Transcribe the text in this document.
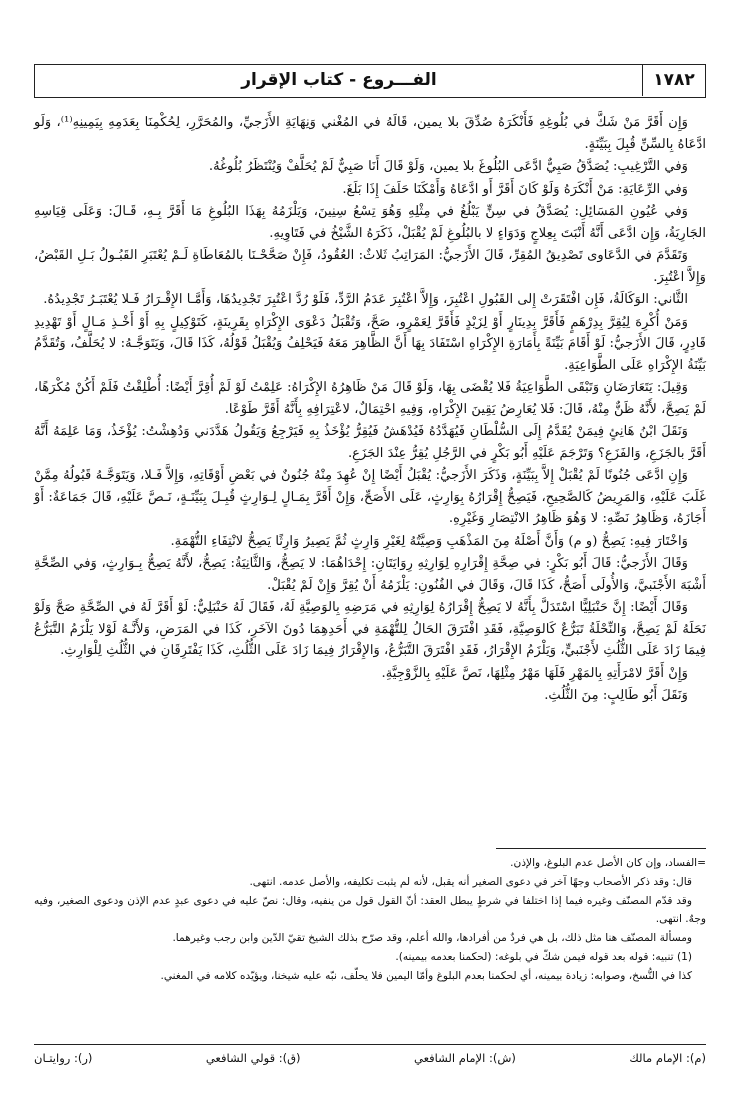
١٧٨٢
الفـــروع - كتاب الإقرار

وَإِن أَقَرَّ مَنْ شَكَّ في بُلُوغِهِ فَأَنْكَرَهُ صُدِّقَ بلا يمين، قَالَهُ في المُغْني وَنِهَايَةِ الأَزَجيِّ، والمُحَرَّرِ، لِحُكْمِنَا بِعَدَمِهِ بِيَمِينِهِ⁽¹⁾، وَلَو ادَّعَاهُ بِالسِّنِّ قُبِلَ بِبَيِّنَةٍ.

وَفي التَّرْغِيبِ: يُصَدَّقُ صَبِيٌّ ادَّعَى البُلُوغَ بلا يمين، وَلَوْ قَالَ أَنَا صَبِيٌّ لَمْ يُحَلَّفْ وَيُنْتَظَرُ بُلُوغُهُ.

وَفي الرِّعَايَةِ: مَنْ أَنْكَرَهُ وَلَوْ كَانَ أَقَرَّ أَو ادَّعَاهُ وَأَمْكَنَا حَلَفَ إِذَا بَلَغَ.

وَفي عُيُونِ المَسَائِلِ: يُصَدَّقُ في سِنٍّ يَبْلُغُ في مِثْلِهِ وَهُوَ تِسْعُ سِنِينَ، وَيَلْزَمُهُ بِهَذَا البُلُوغِ مَا أَقَرَّ بِـهِ، قَـالَ: وَعَلَى قِيَاسِهِ الجَارِيَةُ، وَإِن ادَّعَى أَنَّهُ أَنْبَتَ بِعِلاجٍ وَدَوَاءٍ لا بالبُلُوغِ لَمْ يُقْبَلْ، ذَكَرَهُ الشَّيْخُ في فَتَاوِيهِ.

وَتَقَدَّمَ في الدَّعَاوى تَصْدِيقُ المُقِرِّ، قَالَ الأَزَجيُّ: المَرَاتِبُ ثَلاثٌ: العُقُودُ، فَإِنْ صَحَّحْـنَا بالمُعَاطَاةِ لَـمْ يُعْتَبَرِ القَبُـولُ بَـلِ القَبْضُ، وَإِلاَّ اعْتُبِرَ.

الثَّاني: الوَكَالَةُ، فَإِن افْتَقَرَتْ إِلى القَبُولِ اعْتُبِرَ، وَإِلاَّ اعْتُبِرَ عَدَمُ الرَّدِّ، فَلَوْ رُدَّ اعْتُبِرَ تَجْدِيدُهَا، وَأَمَّـا الإِقْـرَارُ فَـلا يُعْتَبَـرُ تَجْدِيدُهُ.

وَمَنْ أُكْرِهَ لِيُقِرَّ بِدِرْهَمٍ فَأَقَرَّ بِدِينَارٍ أَوْ لِزَيْدٍ فَأَقَرَّ لِعَمْرٍو، صَحَّ، وَتُقْبَلُ دَعْوَى الإِكْرَاهِ بِقَرِينَةٍ، كَتَوْكِيلٍ بِهِ أَوْ أَخْـذِ مَـالٍ أَوْ تَهْدِيدِ قَادِرٍ، قَالَ الأَزَجيُّ: لَوْ أَقَامَ بَيِّنَةً بِأَمَارَةِ الإِكْرَاهِ اسْتَفَادَ بِهَا أَنَّ الظَّاهِرَ مَعَهُ فَيَحْلِفُ وَيُقْبَلُ قَوْلُهُ، كَذَا قَالَ، وَيَتَوَجَّـهُ: لا يُحَلَّفُ، وَتُقَدَّمُ بَيِّنَةُ الإِكْرَاهِ عَلَى الطَّوَاعِيَةِ.

وَقِيلَ: يَتَعَارَضَانِ وَتَبْقَى الطَّوَاعِيَةُ فَلا يُقْضَى بِهَا، وَلَوْ قَالَ مَنْ ظَاهِرُهُ الإِكْرَاهُ: عَلِمْتُ لَوْ لَمْ أُقِرَّ أَيْضًا: أُطْلِقْتُ فَلَمْ أَكُنْ مُكْرَهًا، لَمْ يَصِحَّ، لأَنَّهُ ظَنٌّ مِنْهُ، قَالَ: فَلا يُعَارِضُ يَقِينَ الإِكْرَاهِ، وَفِيهِ احْتِمَالٌ، لاعْتِرَافِهِ بِأَنَّهُ أَقَرَّ طَوْعًا.

وَنَقَلَ ابْنُ هَانِئٍ فِيمَنْ يُقَدَّمُ إِلَى السُّلْطَانِ فَيُهَدَّدُهُ فَيُدْهَشُ فَيُقِرُّ يُؤْخَذُ بِهِ فَيَرْجِعُ وَيَقُولُ هَدَّدَني وَدُهِشْتُ: يُؤْخَذُ، وَمَا عَلِمَهُ أَنَّهُ أَقَرَّ بالجَزَعِ، وَالفَزَعِ؟ وَتَرْجَمَ عَلَيْهِ أَبُو بَكْرٍ في الرَّجُلِ يُقِرُّ عِنْدَ الجَزَعِ.

وَإِنِ ادَّعَى جُنُونًا لَمْ يُقْبَلْ إِلاَّ بِبَيِّنَةٍ، وَذَكَرَ الأَزَجيُّ: يُقْبَلُ أَيْضًا إِنْ عُهِدَ مِنْهُ جُنُونٌ في بَعْضِ أَوْقَاتِهِ، وَإِلاَّ فَـلا، وَيَتَوَجَّـهُ قَبُولُهُ مِمَّنْ غَلَبَ عَلَيْهِ، وَالمَرِيضُ كَالصَّحِيحِ، فَيَصِحُّ إِقْرَارُهُ بِوَارِثٍ، عَلَى الأَصَحِّ، وَإِنْ أَقَرَّ بِمَـالٍ لِـوَارِثٍ قُبِـلَ بِبَيِّنَـةٍ، نَـصَّ عَلَيْهِ، قَالَ جَمَاعَةٌ: أَوْ أَجَازَهُ، وَظَاهِرُ نَصِّهِ: لا وَهُوَ ظَاهِرُ الانْتِصَارِ وَغَيْرِهِ.

وَاخْتَارَ فِيهِ: يَصِحُّ (و م) وَأَنَّ أَصْلَهُ مِنَ المَذْهَبِ وَصِيَّتُهُ لِغَيْرِ وَارِثٍ ثُمَّ يَصِيرُ وَارِثًا يَصِحُّ لانْتِفَاءِ التُّهْمَةِ.

وَقَالَ الأَزَجيُّ: قَالَ أَبُو بَكْرٍ: في صِحَّةِ إِقْرَارِهِ لِوَارِثِهِ رِوَايَتَانِ: إِحْدَاهُمَا: لا يَصِحُّ، وَالثَّانِيَةُ: يَصِحُّ، لأَنَّهُ يَصِحُّ بِـوَارِثٍ، وَفي الصِّحَّةِ أَشْبَهَ الأَجْنَبيَّ، وَالأُولَى أَصَحُّ، كَذَا قَالَ، وَقَالَ في الفُنُونِ: يَلْزَمُهُ أَنْ يُقِرَّ وَإِنْ لَمْ يُقْبَلْ.

وَقَالَ أَيْضًا: إِنَّ حَنْبَلِيًّا اسْتَدَلَّ بِأَنَّهُ لا يَصِحُّ إِقْرَارُهُ لِوَارِثِهِ في مَرَضِهِ بِالوَصِيَّةِ لَهُ، فَقَالَ لَهُ حَنْبَلِيٌّ: لَوْ أَقَرَّ لَهُ في الصِّحَّةِ صَحَّ وَلَوْ نَحَلَهُ لَمْ يَصِحَّ، وَالنِّحْلَةُ تَبَرُّعٌ كَالوَصِيَّةِ، فَقَدِ افْتَرَقَ الحَالُ لِلتُّهْمَةِ في أَحَدِهِمَا دُونَ الآخَرِ، كَذَا في المَرَضِ، وَلأَنَّـهُ لَوْلا يَلْزَمُ التَّبَرُّعُ فِيمَا زَادَ عَلَى الثُّلُثِ لأَجْنَبيٍّ، وَيَلْزَمُ الإِقْرَارُ، فَقَدِ افْتَرَقَ التَّبَرُّعُ، وَالإِقْرَارُ فِيمَا زَادَ عَلَى الثُّلُثِ، كَذَا يَفْتَرِقَانِ في الثُّلُثِ لِلْوَارِثِ.

وَإِنْ أَقَرَّ لامْرَأَتِهِ بِالمَهْرِ فَلَهَا مَهْرُ مِثْلِهَا، نَصَّ عَلَيْهِ بِالزَّوْجِيَّةِ.

وَنَقَلَ أَبُو طَالِبٍ: مِنَ الثُّلُثِ.

=الفساد، وإن كان الأصل عدم البلوغ، والإذن.

قال: وقد ذكر الأصحاب وجهًا آخر في دعوى الصغير أنه يقبل، لأنه لم يثبت تكليفه، والأصل عدمه. انتهى.

وقد قدّم المصنّف وغيره فيما إذا اختلفا في شرطٍ يبطل العقد: أنّ القول قول من ينفيه، وقال: نصّ عليه في دعوى عبدٍ عدم الإذن ودعوى الصغير، وفيه وجهٌ. انتهى.

ومسألة المصنّف هنا مثل ذلك، بل هي فردٌ من أفرادها، والله أعلم، وقد صرّح بذلك الشيخ تقيّ الدّين وابن رجب وغيرهما.

(1) تنبيه: قوله بعد قوله فيمن شكّ في بلوغه: (لحكمنا بعدمه بيمينه).

كذا في النُّسخ، وصوابه: زيادة بيمينه، أي لحكمنا بعدم البلوغ وأمّا اليمين فلا يحلّف، نبّه عليه شيخنا، ويؤيّده كلامه في المغني.

(م): الإمام مالك
(ش): الإمام الشافعي
(ق): قولي الشافعي
(ر): روايتـان
